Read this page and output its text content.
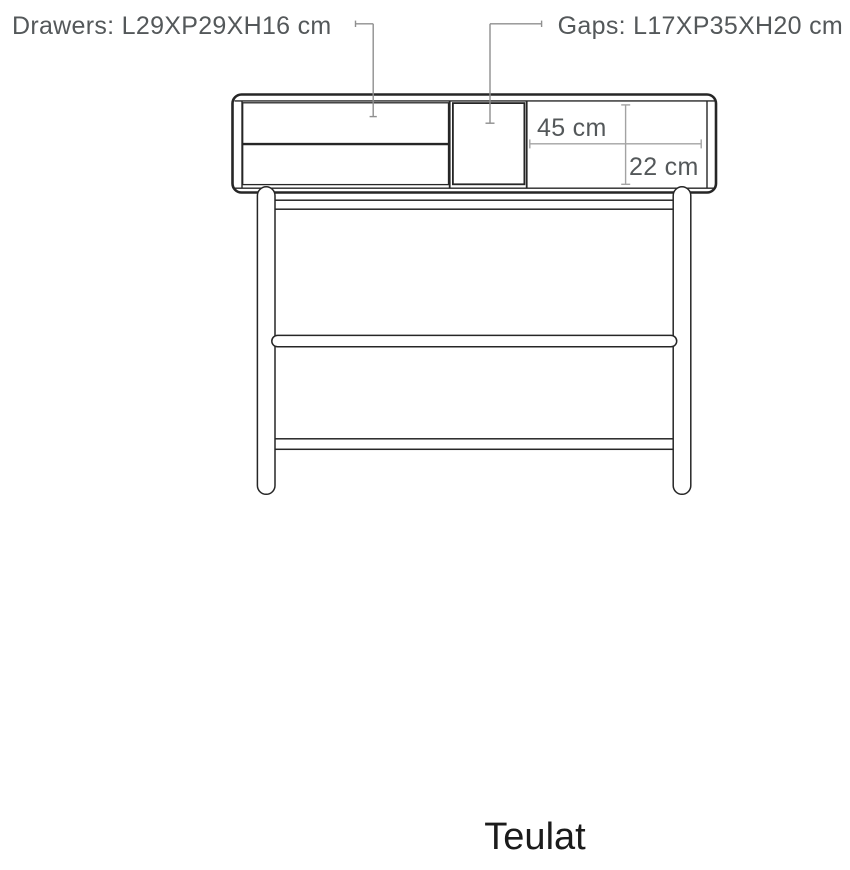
Drawers: L29XP29XH16 cm	Gaps: L17XP35XH20 cm
45 cm
22 cm
Teulat
